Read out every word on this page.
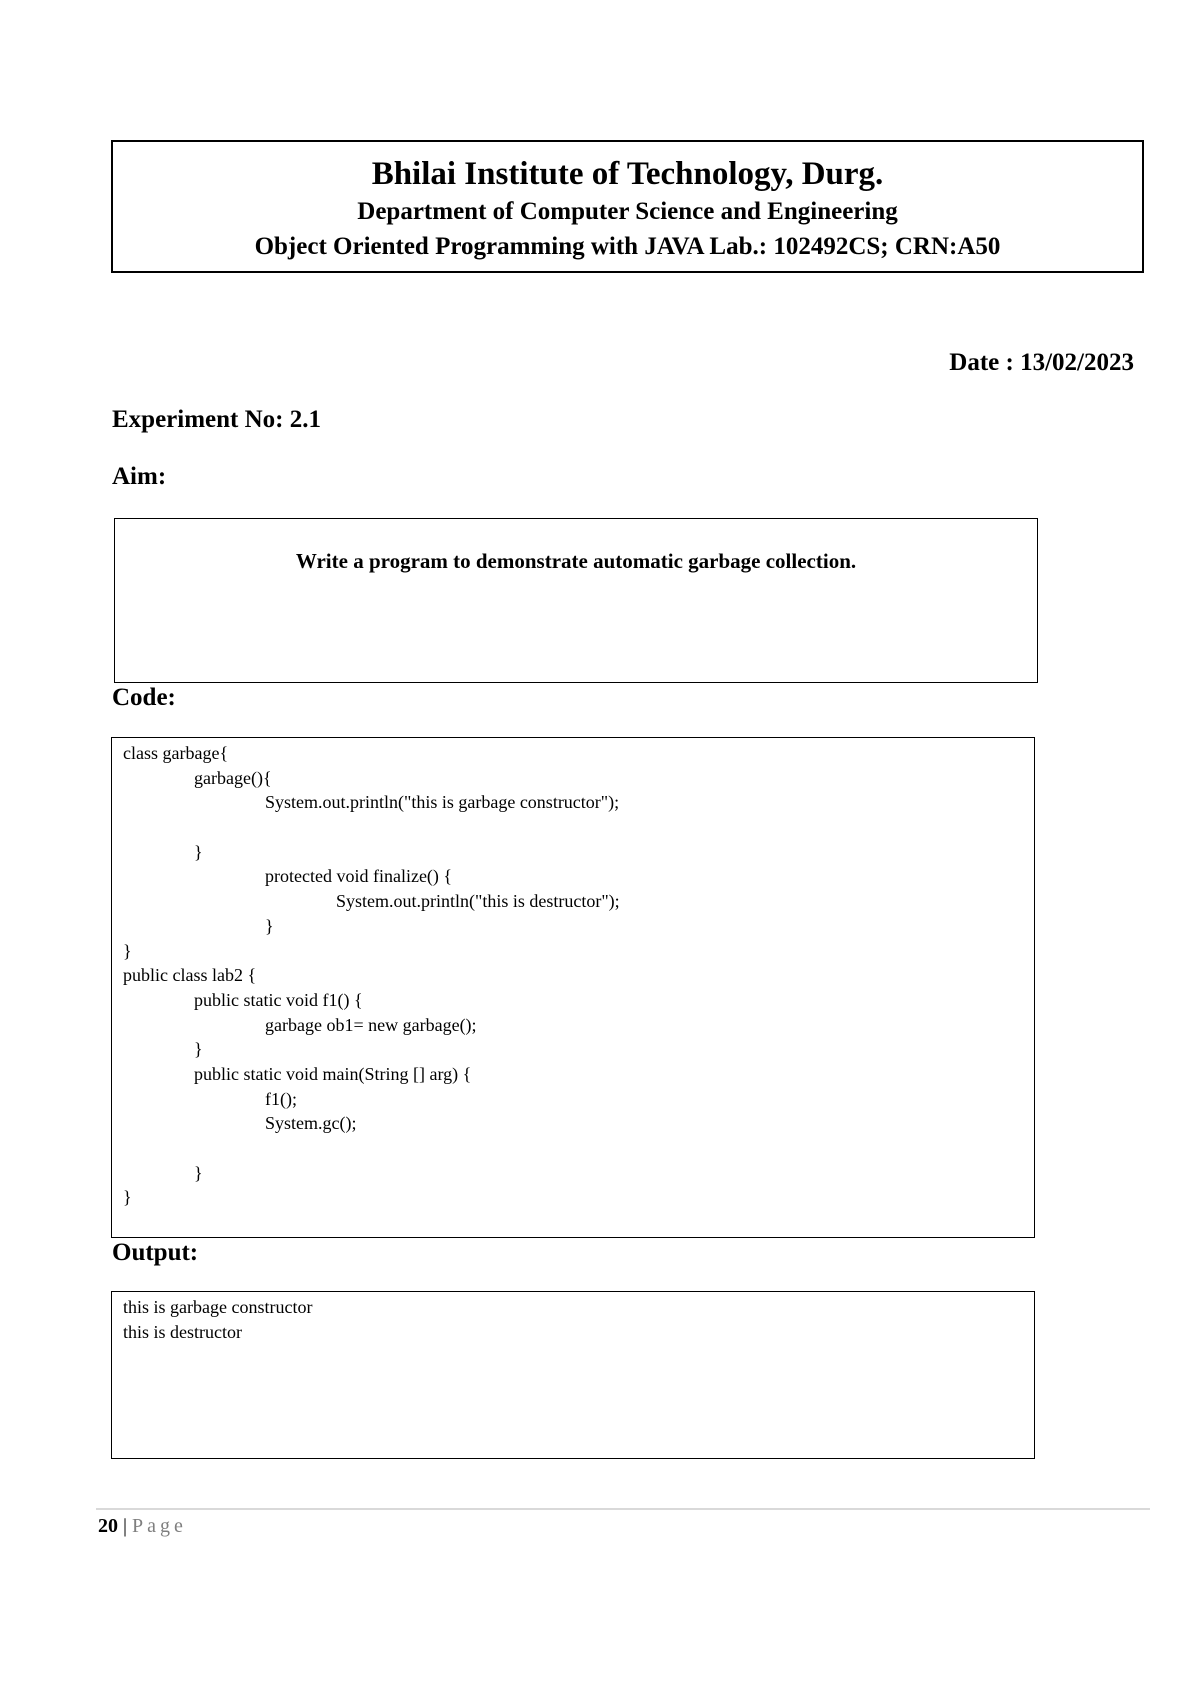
Bhilai Institute of Technology, Durg.
Department of Computer Science and Engineering
Object Oriented Programming with JAVA Lab.: 102492CS; CRN:A50
Date : 13/02/2023
Experiment No: 2.1
Aim:
Write a program to demonstrate automatic garbage collection.
Code:
class garbage{
garbage(){
System.out.println("this is garbage constructor");
}
protected void finalize() {
System.out.println("this is destructor");
}
}
public class lab2 {
public static void f1() {
garbage ob1= new garbage();
}
public static void main(String [] arg) {
f1();
System.gc();
}
}
Output:
this is garbage constructor
this is destructor
20 | Page
